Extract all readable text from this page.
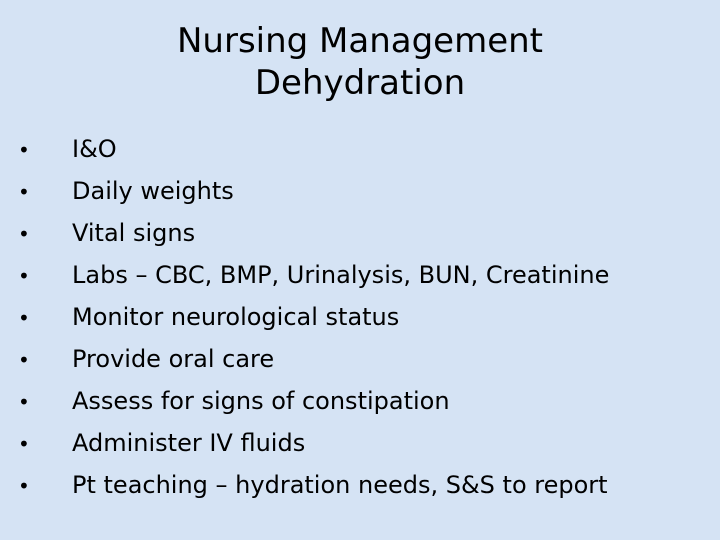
Nursing Management
Dehydration
•	I&O
•	Daily weights
•	Vital signs
•	Labs – CBC, BMP, Urinalysis, BUN, Creatinine
•	Monitor neurological status
•	Provide oral care
•	Assess for signs of constipation
•	Administer IV fluids
•	Pt teaching – hydration needs, S&S to report
